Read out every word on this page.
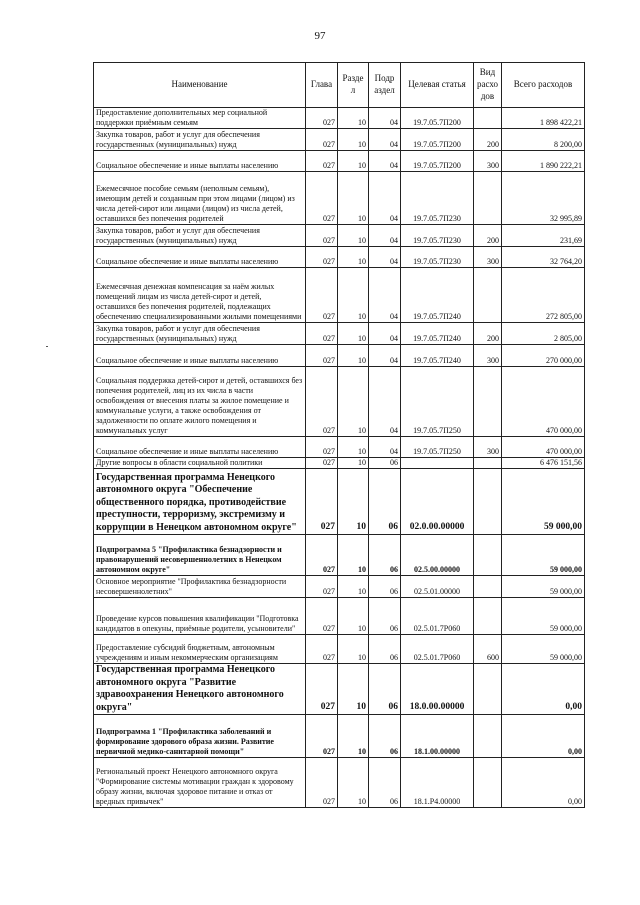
97
Наименование	Глава	Разде л	Подр аздел	Целевая статья	Вид расхо дов	Всего расходов
Предоставление дополнительных мер социальной поддержки приёмным семьям	027	10	04	19.7.05.7П200		1 898 422,21
Закупка товаров, работ и услуг для обеспечения государственных (муниципальных) нужд	027	10	04	19.7.05.7П200	200	8 200,00
Социальное обеспечение и иные выплаты населению	027	10	04	19.7.05.7П200	300	1 890 222,21
Ежемесячное пособие семьям (неполным семьям), имеющим детей и созданным при этом лицами (лицом) из числа детей-сирот или лицами (лицом) из числа детей, оставшихся без попечения родителей	027	10	04	19.7.05.7П230		32 995,89
Закупка товаров, работ и услуг для обеспечения государственных (муниципальных) нужд	027	10	04	19.7.05.7П230	200	231,69
Социальное обеспечение и иные выплаты населению	027	10	04	19.7.05.7П230	300	32 764,20
Ежемесячная денежная компенсация за наём жилых помещений лицам из числа детей-сирот и детей, оставшихся без попечения родителей, подлежащих обеспечению специализированными жилыми помещениями	027	10	04	19.7.05.7П240		272 805,00
Закупка товаров, работ и услуг для обеспечения государственных (муниципальных) нужд	027	10	04	19.7.05.7П240	200	2 805,00
Социальное обеспечение и иные выплаты населению	027	10	04	19.7.05.7П240	300	270 000,00
Социальная поддержка детей-сирот и детей, оставшихся без попечения родителей, лиц из их числа в части освобождения от внесения платы за жилое помещение и коммунальные услуги, а также освобождения от задолженности по оплате жилого помещения и коммунальных услуг	027	10	04	19.7.05.7П250		470 000,00
Социальное обеспечение и иные выплаты населению	027	10	04	19.7.05.7П250	300	470 000,00
Другие вопросы в области социальной политики	027	10	06			6 476 151,56
Государственная программа Ненецкого автономного округа "Обеспечение общественного порядка, противодействие преступности, терроризму, экстремизму и коррупции в Ненецком автономном округе"	027	10	06	02.0.00.00000		59 000,00
Подпрограмма 5 "Профилактика безнадзорности и правонарушений несовершеннолетних в Ненецком автономном округе"	027	10	06	02.5.00.00000		59 000,00
Основное мероприятие "Профилактика безнадзорности несовершеннолетних"	027	10	06	02.5.01.00000		59 000,00
Проведение курсов повышения квалификации "Подготовка кандидатов в опекуны, приёмные родители, усыновители"	027	10	06	02.5.01.7Р060		59 000,00
Предоставление субсидий бюджетным, автономным учреждениям и иным некоммерческим организациям	027	10	06	02.5.01.7Р060	600	59 000,00
Государственная программа Ненецкого автономного округа "Развитие здравоохранения Ненецкого автономного округа"	027	10	06	18.0.00.00000		0,00
Подпрограмма 1 "Профилактика заболеваний и формирование здорового образа жизни. Развитие первичной медико-санитарной помощи"	027	10	06	18.1.00.00000		0,00
Региональный проект Ненецкого автономного округа "Формирование системы мотивации граждан к здоровому образу жизни, включая здоровое питание и отказ от вредных привычек"	027	10	06	18.1.Р4.00000		0,00
